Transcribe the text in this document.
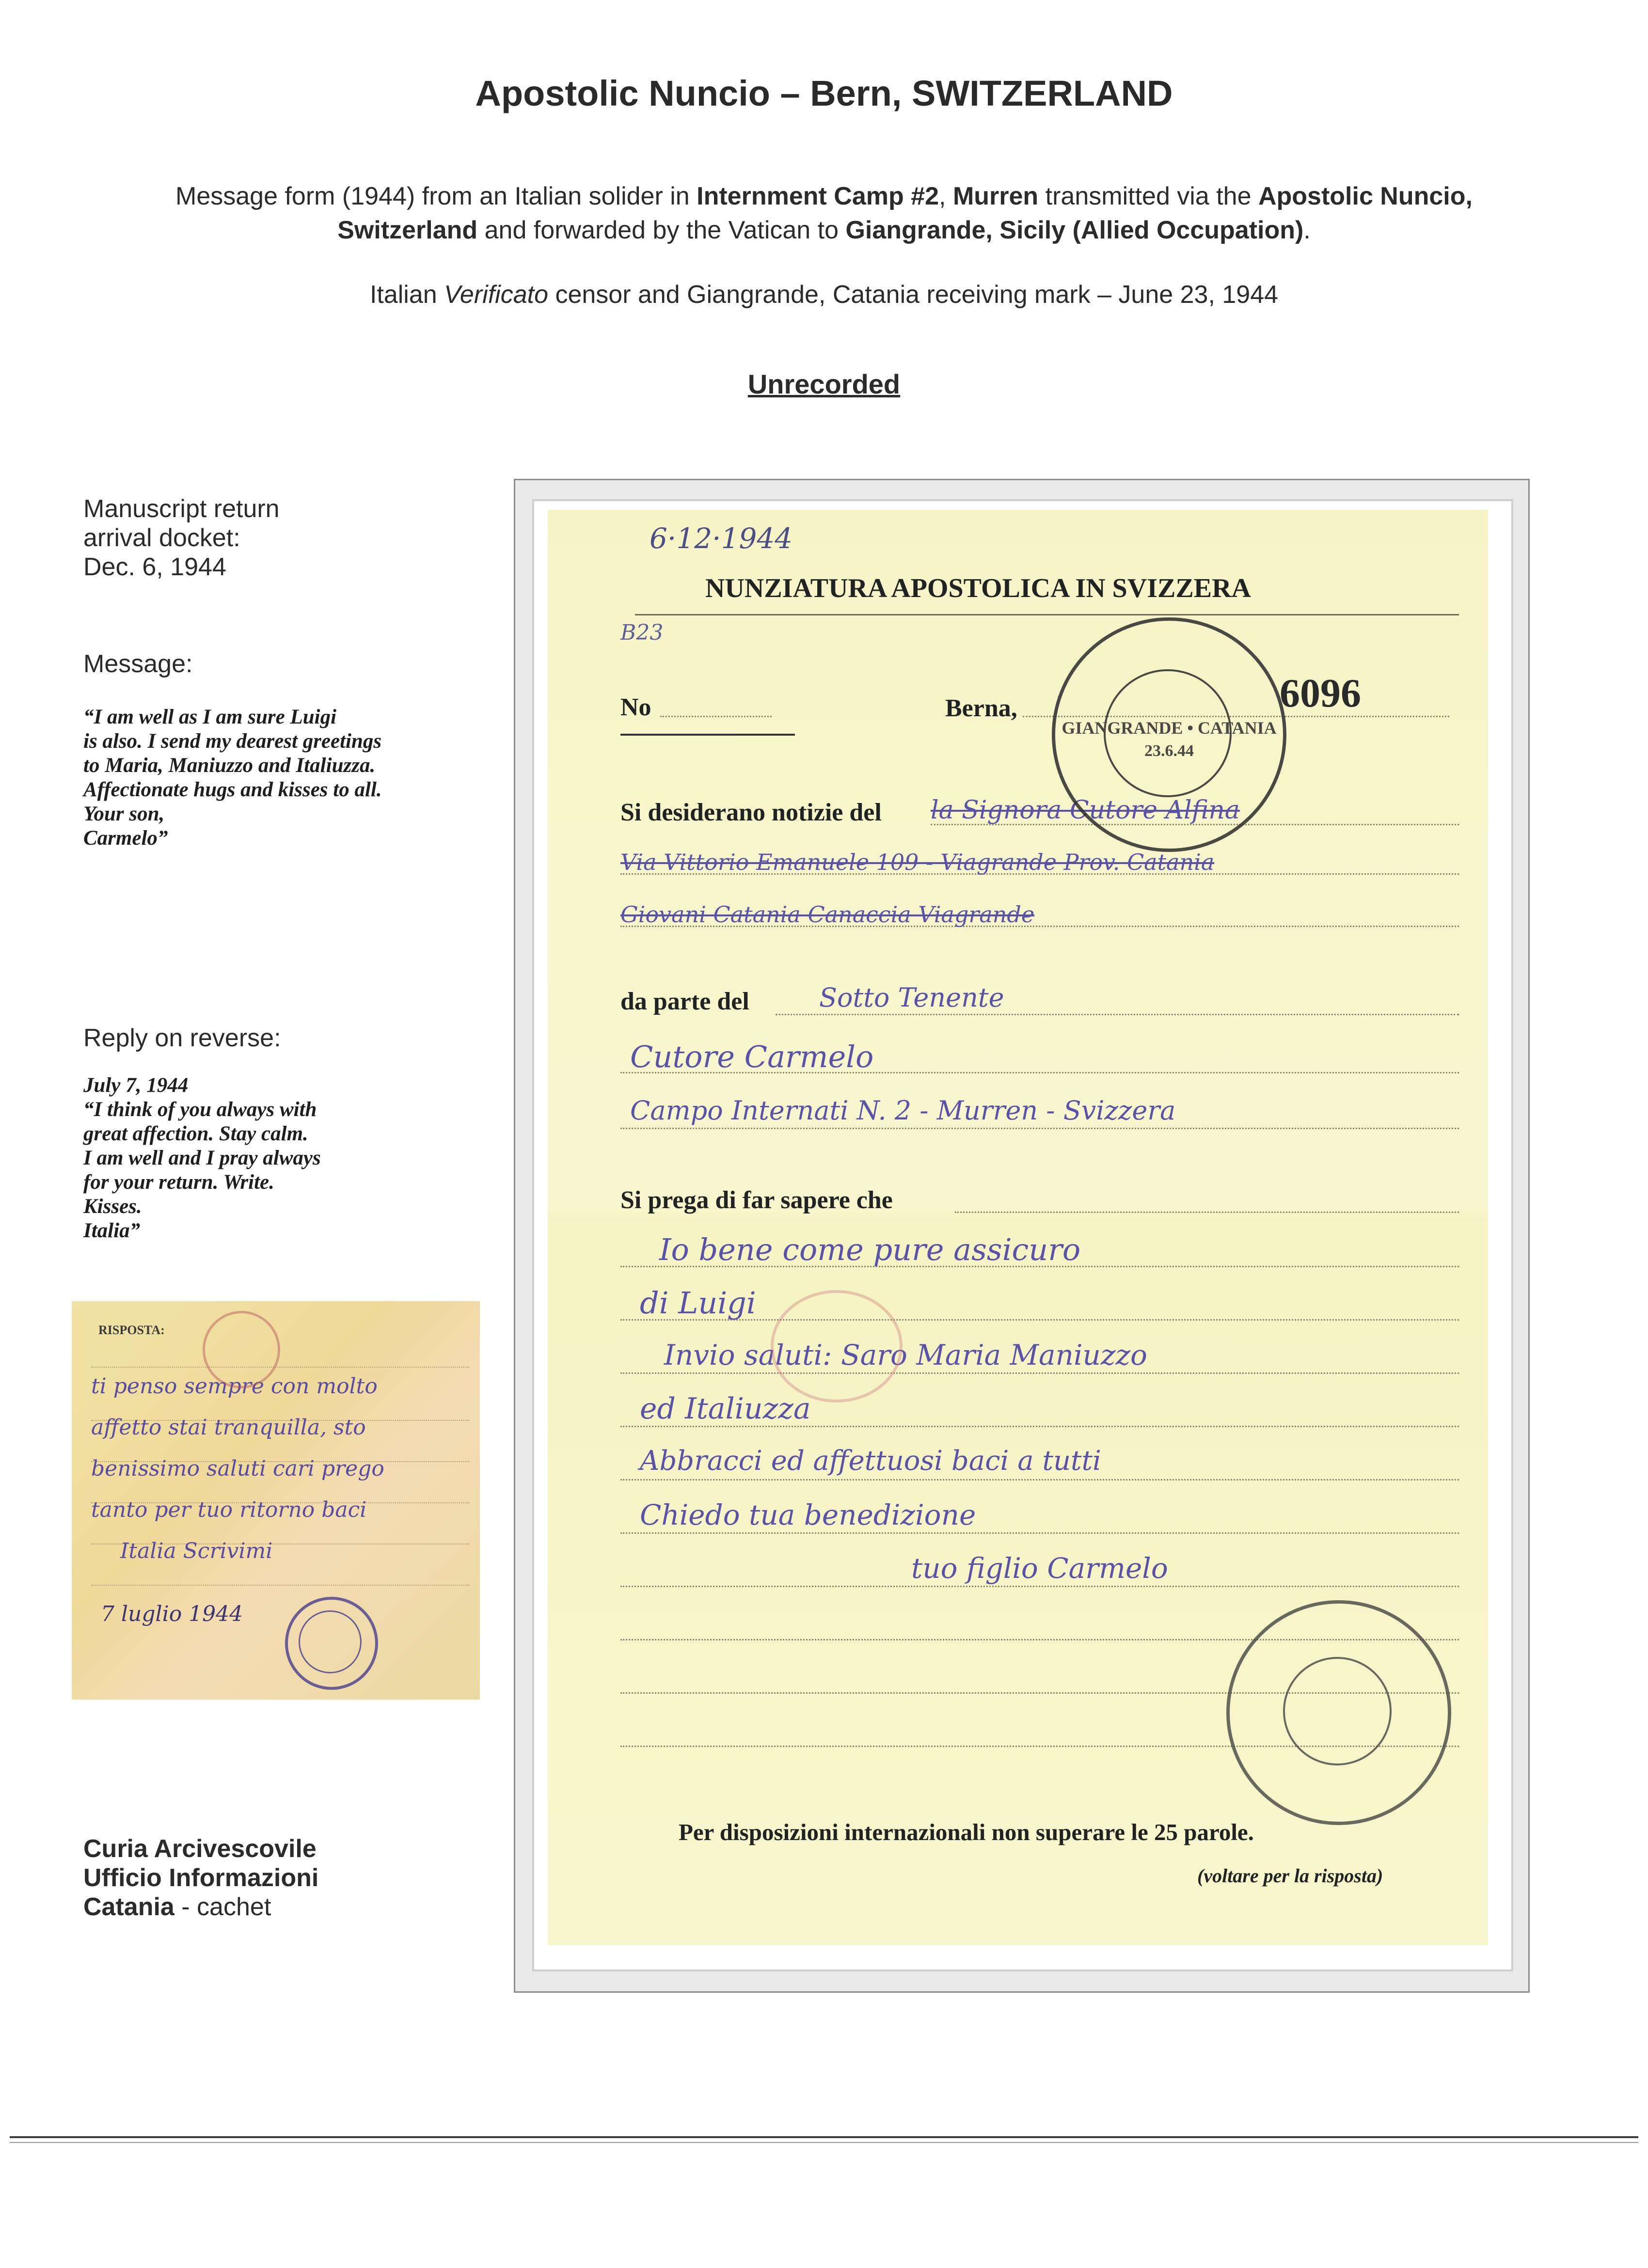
Apostolic Nuncio – Bern, SWITZERLAND
Message form (1944) from an Italian solider in Internment Camp #2, Murren transmitted via the Apostolic Nuncio,
Switzerland and forwarded by the Vatican to Giangrande, Sicily (Allied Occupation).
Italian Verificato censor and Giangrande, Catania receiving mark – June 23, 1944
Unrecorded
Manuscript return
arrival docket:
Dec. 6, 1944
Message:
“I am well as I am sure Luigi
is also. I send my dearest greetings
to Maria, Maniuzzo and Italiuzza.
Affectionate hugs and kisses to all.
Your son,
Carmelo”
Reply on reverse:
July 7, 1944
“I think of you always with
great affection. Stay calm.
I am well and I pray always
for your return. Write.
Kisses.
Italia”
RISPOSTA:
ti penso sempre con molto
affetto stai tranquilla, sto
benissimo saluti cari prego
tanto per tuo ritorno baci
Italia Scrivimi
7 luglio 1944
Curia Arcivescovile
Ufficio Informazioni
Catania - cachet
6·12·1944
NUNZIATURA APOSTOLICA IN SVIZZERA
B23
No	Berna,	6096
Si desiderano notizie del la Signora Cutore Alfina
Via Vittorio Emanuele 109 - Viagrande Prov. Catania
Giovani Catania Canaccia Viagrande
da parte del	Sotto Tenente
Cutore Carmelo
Campo Internati N. 2 - Murren - Svizzera
Si prega di far sapere che
Io bene come pure assicuro
di Luigi
Invio saluti: Saro Maria Maniuzzo
ed Italiuzza
Abbracci ed affettuosi baci a tutti
Chiedo tua benedizione
tuo figlio Carmelo
Per disposizioni internazionali non superare le 25 parole.
(voltare per la risposta)
GIANGRANDE • CATANIA
23.6.44
